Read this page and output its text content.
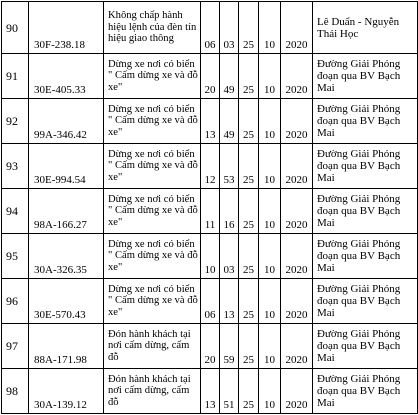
90	30F-238.18	Không chấp hành hiệu lệnh của đèn tín hiệu giao thông	06	03	25	10	2020	Lê Duẩn - Nguyễn Thái Học
91	30E-405.33	Dừng xe nơi có biển " Cấm dừng xe và đỗ xe"	20	49	25	10	2020	Đường Giải Phóng đoạn qua BV Bạch Mai
92	99A-346.42	Dừng xe nơi có biển " Cấm dừng xe và đỗ xe"	13	49	25	10	2020	Đường Giải Phóng đoạn qua BV Bạch Mai
93	30E-994.54	Dừng xe nơi có biển " Cấm dừng xe và đỗ xe"	12	53	25	10	2020	Đường Giải Phóng đoạn qua BV Bạch Mai
94	98A-166.27	Dừng xe nơi có biển " Cấm dừng xe và đỗ xe"	11	16	25	10	2020	Đường Giải Phóng đoạn qua BV Bạch Mai
95	30A-326.35	Dừng xe nơi có biển " Cấm dừng xe và đỗ xe"	10	03	25	10	2020	Đường Giải Phóng đoạn qua BV Bạch Mai
96	30E-570.43	Dừng xe nơi có biển " Cấm dừng xe và đỗ xe"	06	13	25	10	2020	Đường Giải Phóng đoạn qua BV Bạch Mai
97	88A-171.98	Đón hành khách tại nơi cấm dừng, cấm đỗ	20	59	25	10	2020	Đường Giải Phóng đoạn qua BV Bạch Mai
98	30A-139.12	Đón hành khách tại nơi cấm dừng, cấm đỗ	13	51	25	10	2020	Đường Giải Phóng đoạn qua BV Bạch Mai
